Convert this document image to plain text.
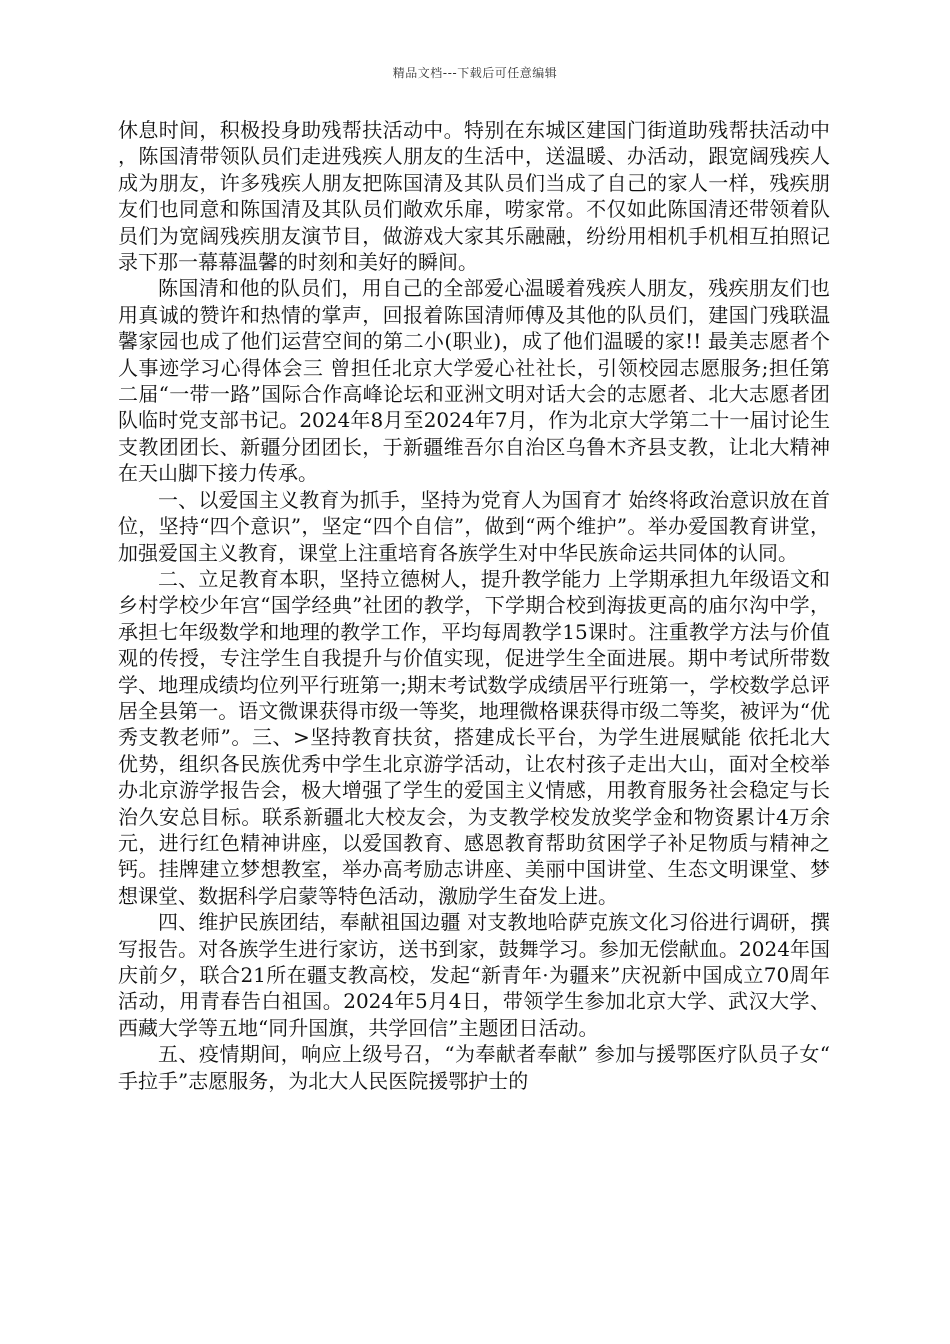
精品文档---下载后可任意编辑

休息时间，积极投身助残帮扶活动中。特别在东城区建国门街道助残帮扶活动中，陈国清带领队员们走进残疾人朋友的生活中，送温暖、办活动，跟宽阔残疾人成为朋友，许多残疾人朋友把陈国清及其队员们当成了自己的家人一样，残疾朋友们也同意和陈国清及其队员们敞欢乐扉，唠家常。不仅如此陈国清还带领着队员们为宽阔残疾朋友演节目，做游戏大家其乐融融，纷纷用相机手机相互拍照记录下那一幕幕温馨的时刻和美好的瞬间。

陈国清和他的队员们，用自己的全部爱心温暖着残疾人朋友，残疾朋友们也用真诚的赞许和热情的掌声，回报着陈国清师傅及其他的队员们，建国门残联温馨家园也成了他们运营空间的第二小(职业)，成了他们温暖的家!! 最美志愿者个人事迹学习心得体会三 曾担任北京大学爱心社社长，引领校园志愿服务;担任第二届“一带一路”国际合作高峰论坛和亚洲文明对话大会的志愿者、北大志愿者团队临时党支部书记。2024年8月至2024年7月，作为北京大学第二十一届讨论生支教团团长、新疆分团团长，于新疆维吾尔自治区乌鲁木齐县支教，让北大精神在天山脚下接力传承。

一、以爱国主义教育为抓手，坚持为党育人为国育才 始终将政治意识放在首位，坚持“四个意识”，坚定“四个自信”，做到“两个维护”。举办爱国教育讲堂，加强爱国主义教育，课堂上注重培育各族学生对中华民族命运共同体的认同。

二、立足教育本职，坚持立德树人，提升教学能力 上学期承担九年级语文和乡村学校少年宫“国学经典”社团的教学，下学期合校到海拔更高的庙尔沟中学，承担七年级数学和地理的教学工作，平均每周教学15课时。注重教学方法与价值观的传授，专注学生自我提升与价值实现，促进学生全面进展。期中考试所带数学、地理成绩均位列平行班第一;期末考试数学成绩居平行班第一，学校数学总评居全县第一。语文微课获得市级一等奖，地理微格课获得市级二等奖，被评为“优秀支教老师”。三、>坚持教育扶贫，搭建成长平台，为学生进展赋能 依托北大优势，组织各民族优秀中学生北京游学活动，让农村孩子走出大山，面对全校举办北京游学报告会，极大增强了学生的爱国主义情感，用教育服务社会稳定与长治久安总目标。联系新疆北大校友会，为支教学校发放奖学金和物资累计4万余元，进行红色精神讲座，以爱国教育、感恩教育帮助贫困学子补足物质与精神之钙。挂牌建立梦想教室，举办高考励志讲座、美丽中国讲堂、生态文明课堂、梦想课堂、数据科学启蒙等特色活动，激励学生奋发上进。

四、维护民族团结，奉献祖国边疆 对支教地哈萨克族文化习俗进行调研，撰写报告。对各族学生进行家访，送书到家，鼓舞学习。参加无偿献血。2024年国庆前夕，联合21所在疆支教高校，发起“新青年·为疆来”庆祝新中国成立70周年活动，用青春告白祖国。2024年5月4日，带领学生参加北京大学、武汉大学、西藏大学等五地“同升国旗，共学回信”主题团日活动。

五、疫情期间，响应上级号召，“为奉献者奉献” 参加与援鄂医疗队员子女“手拉手”志愿服务，为北大人民医院援鄂护士的
